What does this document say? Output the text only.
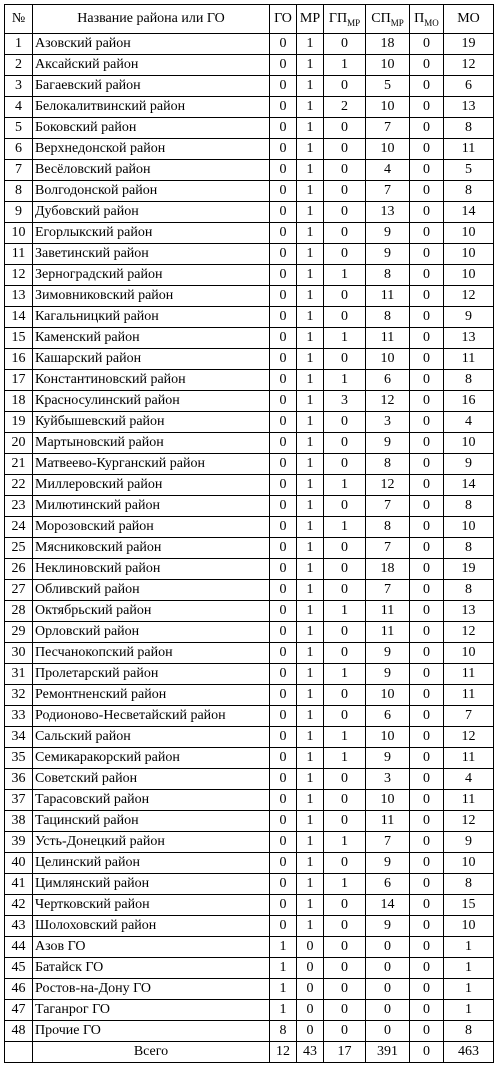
№	Название района или ГО	ГО	МР	$ГП_{МР}$	$СП_{МР}$	$П_{МО}$	МО
1	Азовский район	0	1	0	18	0	19
2	Аксайский район	0	1	1	10	0	12
3	Багаевский район	0	1	0	5	0	6
4	Белокалитвинский район	0	1	2	10	0	13
5	Боковский район	0	1	0	7	0	8
6	Верхнедонской район	0	1	0	10	0	11
7	Весёловский район	0	1	0	4	0	5
8	Волгодонской район	0	1	0	7	0	8
9	Дубовский район	0	1	0	13	0	14
10	Егорлыкский район	0	1	0	9	0	10
11	Заветинский район	0	1	0	9	0	10
12	Зерноградский район	0	1	1	8	0	10
13	Зимовниковский район	0	1	0	11	0	12
14	Кагальницкий район	0	1	0	8	0	9
15	Каменский район	0	1	1	11	0	13
16	Кашарский район	0	1	0	10	0	11
17	Константиновский район	0	1	1	6	0	8
18	Красносулинский район	0	1	3	12	0	16
19	Куйбышевский район	0	1	0	3	0	4
20	Мартыновский район	0	1	0	9	0	10
21	Матвеево-Курганский район	0	1	0	8	0	9
22	Миллеровский район	0	1	1	12	0	14
23	Милютинский район	0	1	0	7	0	8
24	Морозовский район	0	1	1	8	0	10
25	Мясниковский район	0	1	0	7	0	8
26	Неклиновский район	0	1	0	18	0	19
27	Обливский район	0	1	0	7	0	8
28	Октябрьский район	0	1	1	11	0	13
29	Орловский район	0	1	0	11	0	12
30	Песчанокопский район	0	1	0	9	0	10
31	Пролетарский район	0	1	1	9	0	11
32	Ремонтненский район	0	1	0	10	0	11
33	Родионово-Несветайский район	0	1	0	6	0	7
34	Сальский район	0	1	1	10	0	12
35	Семикаракорский район	0	1	1	9	0	11
36	Советский район	0	1	0	3	0	4
37	Тарасовский район	0	1	0	10	0	11
38	Тацинский район	0	1	0	11	0	12
39	Усть-Донецкий район	0	1	1	7	0	9
40	Целинский район	0	1	0	9	0	10
41	Цимлянский район	0	1	1	6	0	8
42	Чертковский район	0	1	0	14	0	15
43	Шолоховский район	0	1	0	9	0	10
44	Азов ГО	1	0	0	0	0	1
45	Батайск ГО	1	0	0	0	0	1
46	Ростов-на-Дону ГО	1	0	0	0	0	1
47	Таганрог ГО	1	0	0	0	0	1
48	Прочие ГО	8	0	0	0	0	8
	Всего	12	43	17	391	0	463
